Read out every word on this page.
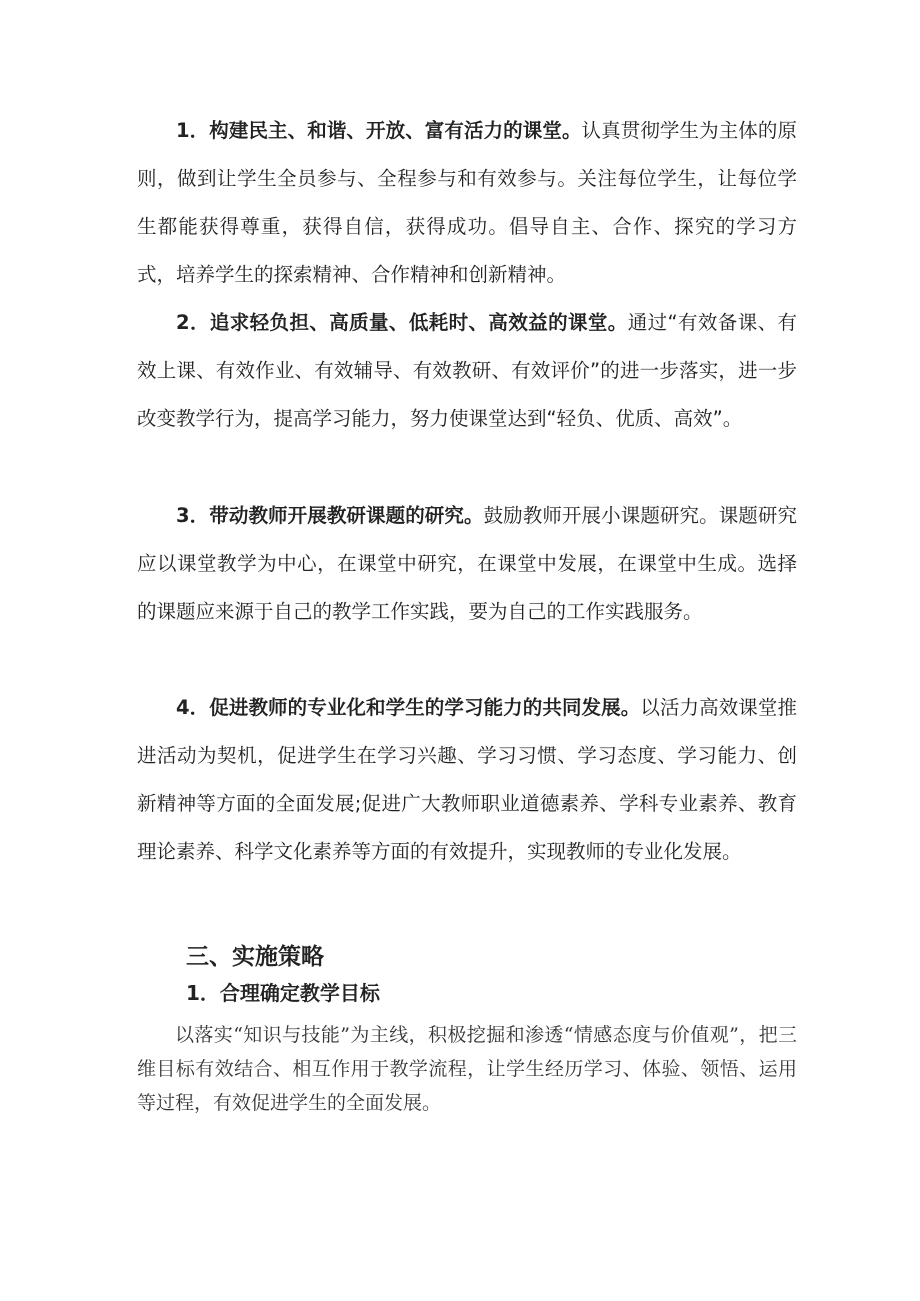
1．构建民主、和谐、开放、富有活力的课堂。认真贯彻学生为主体的原则，做到让学生全员参与、全程参与和有效参与。关注每位学生，让每位学生都能获得尊重，获得自信，获得成功。倡导自主、合作、探究的学习方式，培养学生的探索精神、合作精神和创新精神。

2．追求轻负担、高质量、低耗时、高效益的课堂。通过“有效备课、有效上课、有效作业、有效辅导、有效教研、有效评价”的进一步落实，进一步改变教学行为，提高学习能力，努力使课堂达到“轻负、优质、高效”。

3．带动教师开展教研课题的研究。鼓励教师开展小课题研究。课题研究应以课堂教学为中心，在课堂中研究，在课堂中发展，在课堂中生成。选择的课题应来源于自己的教学工作实践，要为自己的工作实践服务。

4．促进教师的专业化和学生的学习能力的共同发展。以活力高效课堂推进活动为契机，促进学生在学习兴趣、学习习惯、学习态度、学习能力、创新精神等方面的全面发展;促进广大教师职业道德素养、学科专业素养、教育理论素养、科学文化素养等方面的有效提升，实现教师的专业化发展。

三、实施策略
1．合理确定教学目标

以落实“知识与技能”为主线，积极挖掘和渗透“情感态度与价值观”，把三维目标有效结合、相互作用于教学流程，让学生经历学习、体验、领悟、运用等过程，有效促进学生的全面发展。
